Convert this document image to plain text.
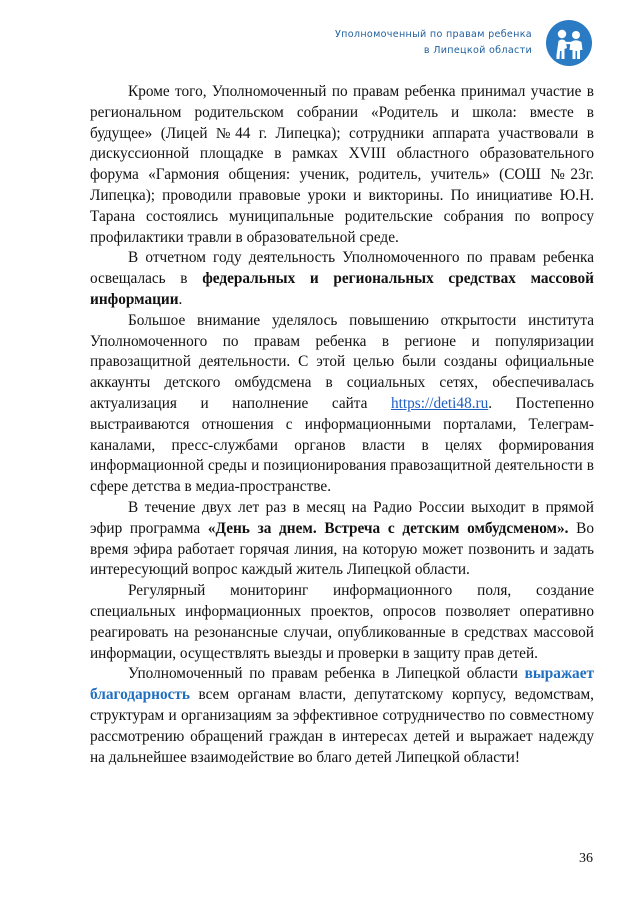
Уполномоченный по правам ребенка
в Липецкой области

Кроме того, Уполномоченный по правам ребенка принимал участие в региональном родительском собрании «Родитель и школа: вместе в будущее» (Лицей №44 г. Липецка); сотрудники аппарата участвовали в дискуссионной площадке в рамках XVIII областного образовательного форума «Гармония общения: ученик, родитель, учитель» (СОШ №23г. Липецка); проводили правовые уроки и викторины. По инициативе Ю.Н. Тарана состоялись муниципальные родительские собрания по вопросу профилактики травли в образовательной среде.

В отчетном году деятельность Уполномоченного по правам ребенка освещалась в федеральных и региональных средствах массовой информации.

Большое внимание уделялось повышению открытости института Уполномоченного по правам ребенка в регионе и популяризации правозащитной деятельности. С этой целью были созданы официальные аккаунты детского омбудсмена в социальных сетях, обеспечивалась актуализация и наполнение сайта https://deti48.ru. Постепенно выстраиваются отношения с информационными порталами, Телеграм-каналами, пресс-службами органов власти в целях формирования информационной среды и позиционирования правозащитной деятельности в сфере детства в медиа-пространстве.

В течение двух лет раз в месяц на Радио России выходит в прямой эфир программа «День за днем. Встреча с детским омбудсменом». Во время эфира работает горячая линия, на которую может позвонить и задать интересующий вопрос каждый житель Липецкой области.

Регулярный мониторинг информационного поля, создание специальных информационных проектов, опросов позволяет оперативно реагировать на резонансные случаи, опубликованные в средствах массовой информации, осуществлять выезды и проверки в защиту прав детей.

Уполномоченный по правам ребенка в Липецкой области выражает благодарность всем органам власти, депутатскому корпусу, ведомствам, структурам и организациям за эффективное сотрудничество по совместному рассмотрению обращений граждан в интересах детей и выражает надежду на дальнейшее взаимодействие во благо детей Липецкой области!

36
